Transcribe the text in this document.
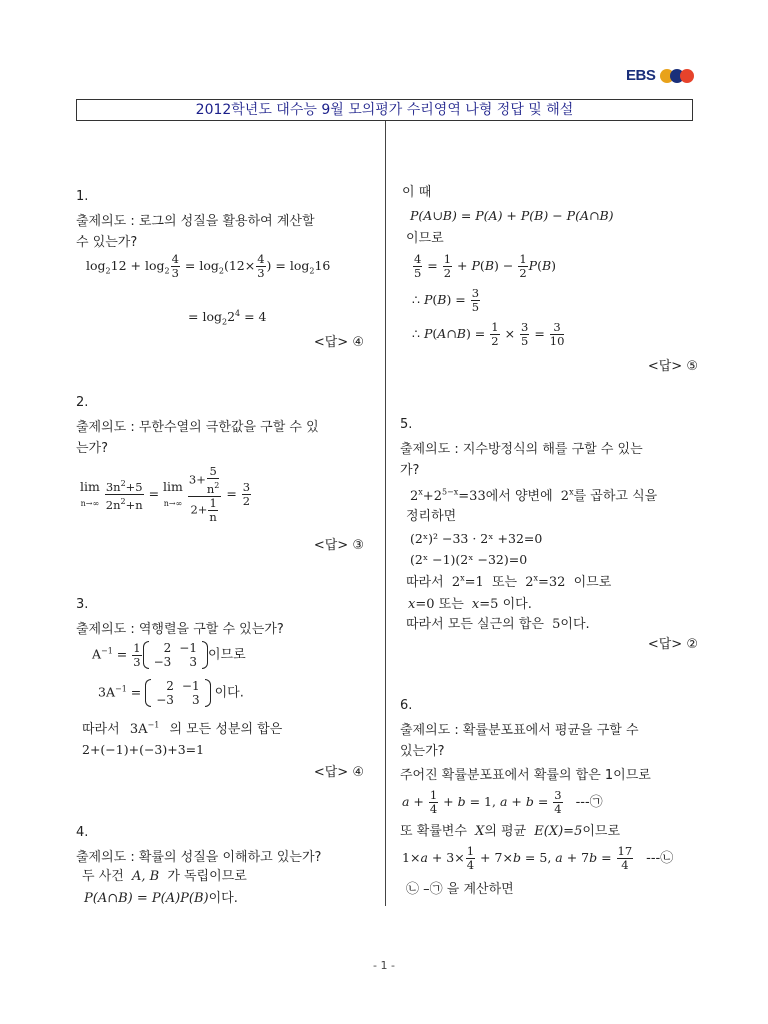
EBS
2012학년도 대수능 9월 모의평가 수리영역 나형 정답 및 해설
1.
출제의도 : 로그의 성질을 활용하여 계산할
수 있는가?
$\log_212 + \log_2 \frac{4}{3} = \log_2(12\times \frac{4}{3}$ ) = $\log_216$
= $\log_22^4 = 4$
<답> ④
2.
출제의도 : 무한수열의 극한값을 구할 수 있
는가?
lim
$n\to\infty \frac{3n^2+5}{2n^2+n} = \lim$
$n\to\infty \frac{3+ \frac{5}{n^2}}{2+ \frac{1}{n}} = \frac{3}{2}$
<답> ③
3.
출제의도 : 역행렬을 구할 수 있는가?
$A^{-1} = \frac{1}{3} 2$	−1
−3	3 이므로
$3A^{-1} = 2$	−1
−3	3 이다.
따라서 $3A^{-1}$ 의 모든 성분의 합은
2+(−1)+(−3)+3=1
<답> ④
4.
출제의도 : 확률의 성질을 이해하고 있는가?
두 사건 A, B 가 독립이므로
P(A∩B) = P(A)P(B)이다.
이 때
P(A∪B) = P(A) + P(B) − P(A∩B)
이므로
$\frac{4}{5} = \frac{1}{2} + P(B) - \frac{1}{2} P(B)$
∴ $P(B) = \frac{3}{5}$
∴ P(A∩B) = $\frac{1}{2} \times \frac{3}{5} = \frac{3}{10}$
<답> ⑤
5.
출제의도 : 지수방정식의 해를 구할 수 있는
가?
$2^x+2^{5-x}=33$에서 양변에 2$^x$를 곱하고 식을
정리하면
(2ˣ)² −33 · 2ˣ +32=0
(2ˣ −1)(2ˣ −32)=0
따라서 $2^x=1$ 또는 $2^x=32$ 이므로
x=0 또는 x=5 이다.
따라서 모든 실근의 합은 5이다.
<답> ②
6.
출제의도 : 확률분포표에서 평균을 구할 수
있는가?
주어진 확률분포표에서 확률의 합은 1이므로
$a + \frac{1}{4} + b = 1$, $a + b = \frac{3}{4}$ ---㉠
또 확률변수 X의 평균 E(X)=5이므로
$1\times a + 3\times \frac{1}{4} + 7\times b = 5$, $a + 7b = \frac{17}{4}$ ---㉡
㉡ –㉠ 을 계산하면
- 1 -
